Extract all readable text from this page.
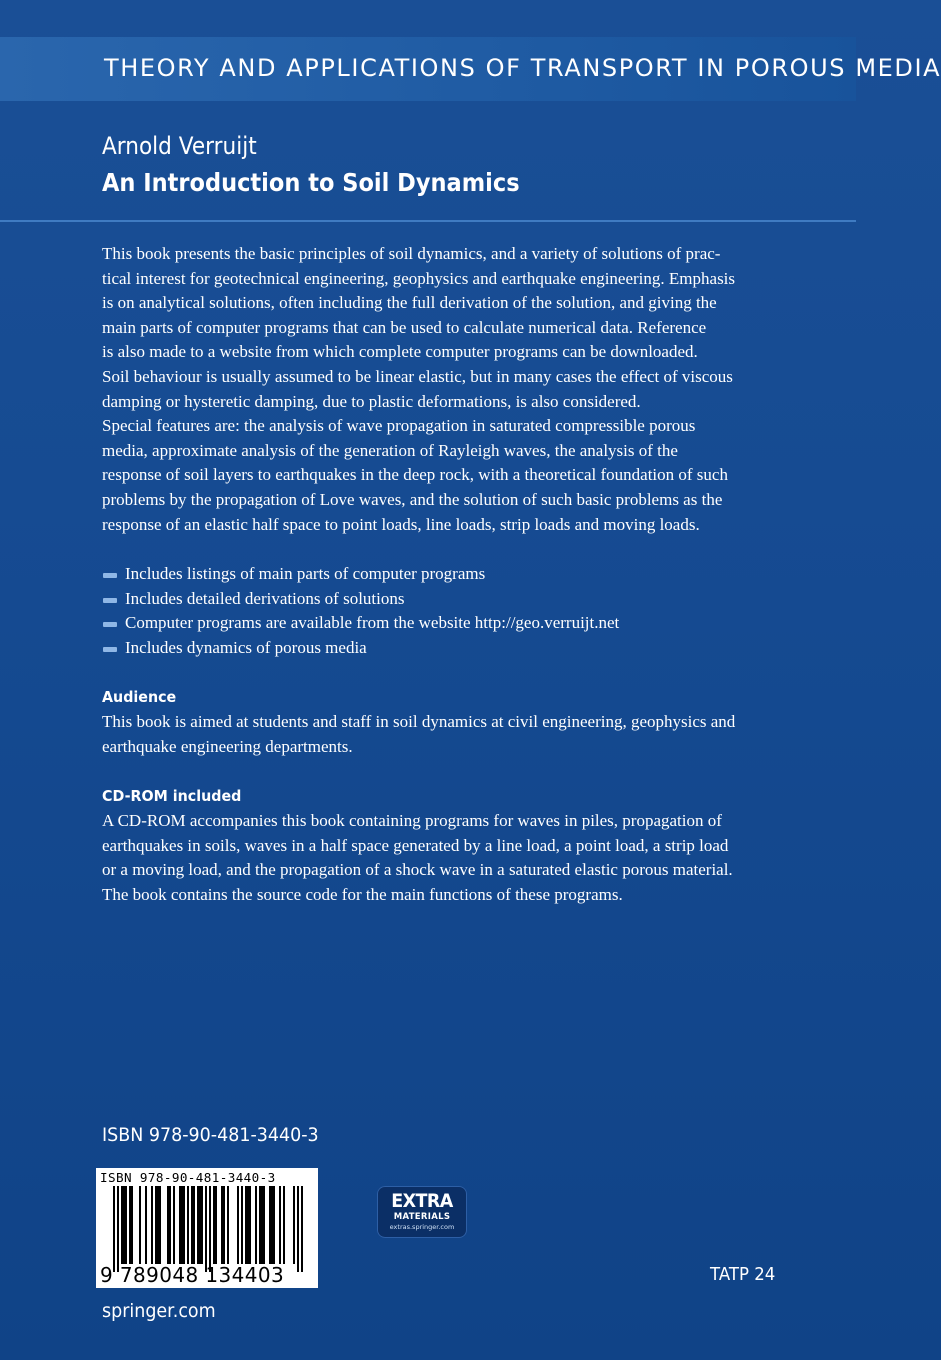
THEORY AND APPLICATIONS OF TRANSPORT IN POROUS MEDIA
Arnold Verruijt
An Introduction to Soil Dynamics

This book presents the basic principles of soil dynamics, and a variety of solutions of prac-

tical interest for geotechnical engineering, geophysics and earthquake engineering. Emphasis

is on analytical solutions, often including the full derivation of the solution, and giving the

main parts of computer programs that can be used to calculate numerical data. Reference

is also made to a website from which complete computer programs can be downloaded.

Soil behaviour is usually assumed to be linear elastic, but in many cases the effect of viscous

damping or hysteretic damping, due to plastic deformations, is also considered.

Special features are: the analysis of wave propagation in saturated compressible porous

media, approximate analysis of the generation of Rayleigh waves, the analysis of the

response of soil layers to earthquakes in the deep rock, with a theoretical foundation of such

problems by the propagation of Love waves, and the solution of such basic problems as the

response of an elastic half space to point loads, line loads, strip loads and moving loads.

Includes listings of main parts of computer programs
Includes detailed derivations of solutions
Computer programs are available from the website http://geo.verruijt.net
Includes dynamics of porous media
Audience

This book is aimed at students and staff in soil dynamics at civil engineering, geophysics and

earthquake engineering departments.

CD-ROM included

A CD-ROM accompanies this book containing programs for waves in piles, propagation of

earthquakes in soils, waves in a half space generated by a line load, a point load, a strip load

or a moving load, and the propagation of a shock wave in a saturated elastic porous material.

The book contains the source code for the main functions of these programs.

ISBN 978-90-481-3440-3
ISBN 978-90-481-3440-3
9 789048 134403
EXTRA
MATERIALS
extras.springer.com
TATP 24
springer.com
